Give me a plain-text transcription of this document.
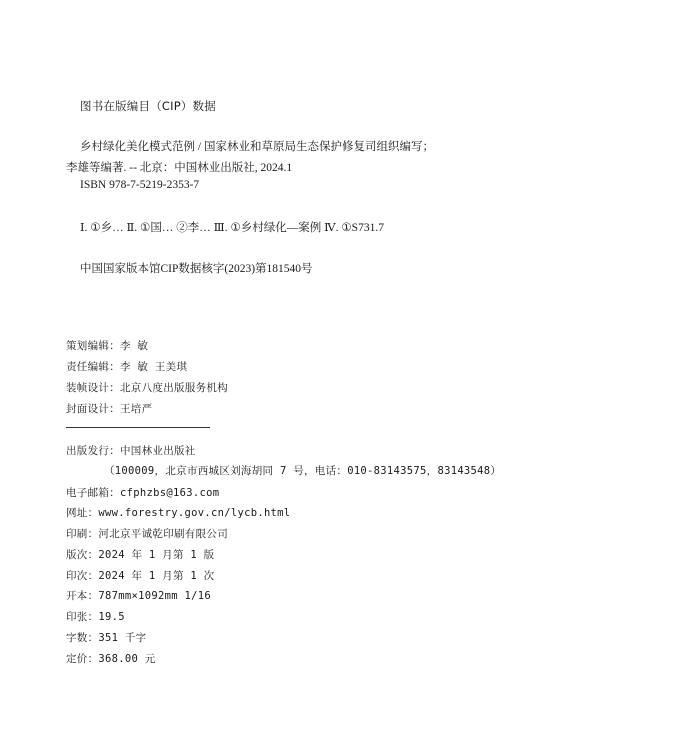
图书在版编目（CIP）数据
乡村绿化美化模式范例 / 国家林业和草原局生态保护修复司组织编写；
李雄等编著. -- 北京：中国林业出版社, 2024.1
ISBN 978-7-5219-2353-7
Ⅰ. ①乡… Ⅱ. ①国… ②李… Ⅲ. ①乡村绿化—案例 Ⅳ. ①S731.7
中国国家版本馆CIP数据核字(2023)第181540号
策划编辑：李 敏
责任编辑：李 敏 王美琪
装帧设计：北京八度出版服务机构
封面设计：王培严
出版发行：中国林业出版社
（100009，北京市西城区刘海胡同 7 号，电话：010-83143575，83143548）
电子邮箱：cfphzbs@163.com
网址：www.forestry.gov.cn/lycb.html
印刷：河北京平诚乾印刷有限公司
版次：2024 年 1 月第 1 版
印次：2024 年 1 月第 1 次
开本：787mm×1092mm 1/16
印张：19.5
字数：351 千字
定价：368.00 元
